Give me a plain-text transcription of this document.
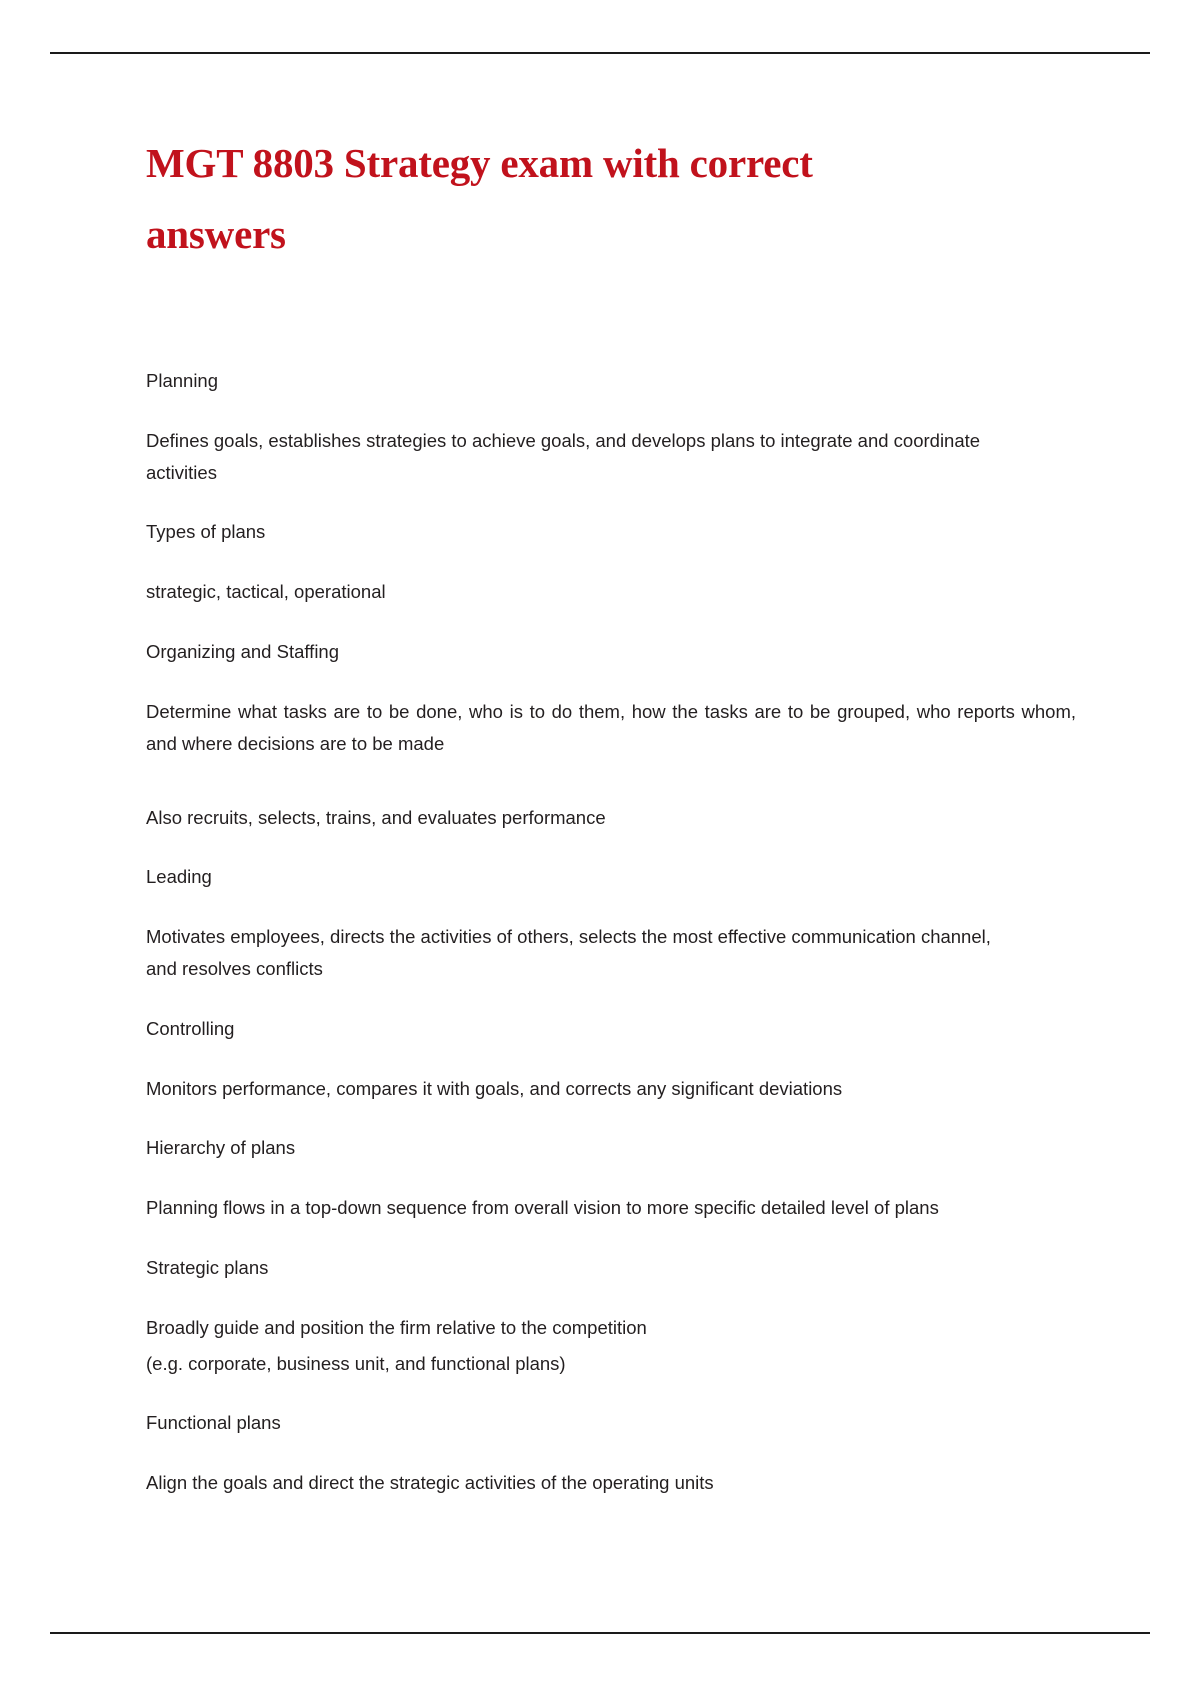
MGT 8803 Strategy exam with correct answers

Planning

Defines goals, establishes strategies to achieve goals, and develops plans to integrate and coordinate activities

Types of plans

strategic, tactical, operational

Organizing and Staffing

Determine what tasks are to be done, who is to do them, how the tasks are to be grouped, who reports whom, and where decisions are to be made

Also recruits, selects, trains, and evaluates performance

Leading

Motivates employees, directs the activities of others, selects the most effective communication channel, and resolves conflicts

Controlling

Monitors performance, compares it with goals, and corrects any significant deviations

Hierarchy of plans

Planning flows in a top-down sequence from overall vision to more specific detailed level of plans

Strategic plans

Broadly guide and position the firm relative to the competition

(e.g. corporate, business unit, and functional plans)

Functional plans

Align the goals and direct the strategic activities of the operating units
